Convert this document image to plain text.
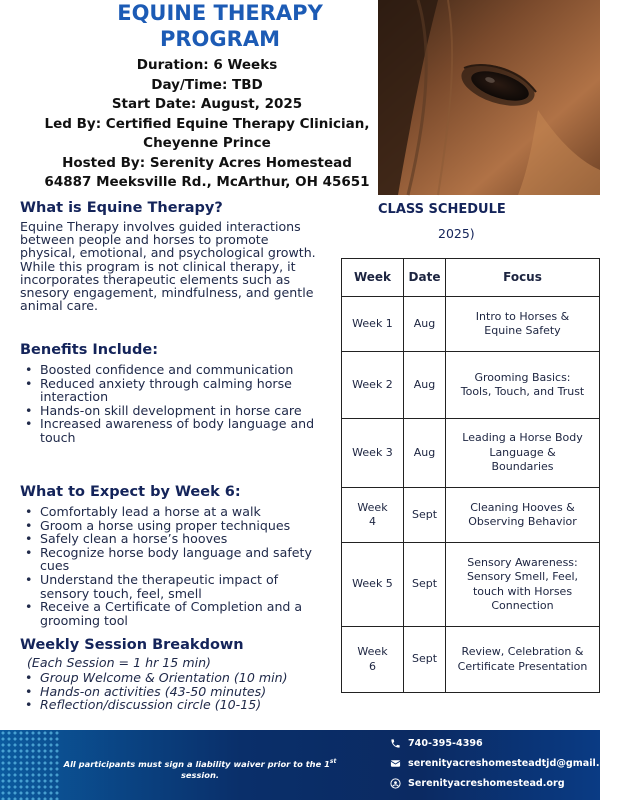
EQUINE THERAPY
PROGRAM
Duration: 6 Weeks
Day/Time: TBD
Start Date: August, 2025
Led By: Certified Equine Therapy Clinician,
Cheyenne Prince
Hosted By: Serenity Acres Homestead
64887 Meeksville Rd., McArthur, OH 45651
What is Equine Therapy?

Equine Therapy involves guided interactions between people and horses to promote physical, emotional, and psychological growth. While this program is not clinical therapy, it incorporates therapeutic elements such as snesory engagement, mindfulness, and gentle animal care.

Benefits Include:
• Boosted confidence and communication
• Reduced anxiety through calming horse interaction
• Hands-on skill development in horse care
• Increased awareness of body language and touch
What to Expect by Week 6:
• Comfortably lead a horse at a walk
• Groom a horse using proper techniques
• Safely clean a horse’s hooves
• Recognize horse body language and safety cues
• Understand the therapeutic impact of sensory touch, feel, smell
• Receive a Certificate of Completion and a grooming tool
Weekly Session Breakdown
(Each Session = 1 hr 15 min)
• Group Welcome & Orientation (10 min)
• Hands-on activities (43-50 minutes)
• Reflection/discussion circle (10-15)
CLASS SCHEDULE
2025)
Week	Date	Focus
Week 1	Aug	Intro to Horses & Equine Safety
Week 2	Aug	Grooming Basics: Tools, Touch, and Trust
Week 3	Aug	Leading a Horse Body Language & Boundaries
Week 4	Sept	Cleaning Hooves & Observing Behavior
Week 5	Sept	Sensory Awareness: Sensory Smell, Feel, touch with Horses Connection
Week 6	Sept	Review, Celebration & Certificate Presentation
All participants must sign a liability waiver prior to the 1st
session.
740-395-4396
serenityacreshomesteadtjd@gmail.com
Serenityacreshomestead.org
